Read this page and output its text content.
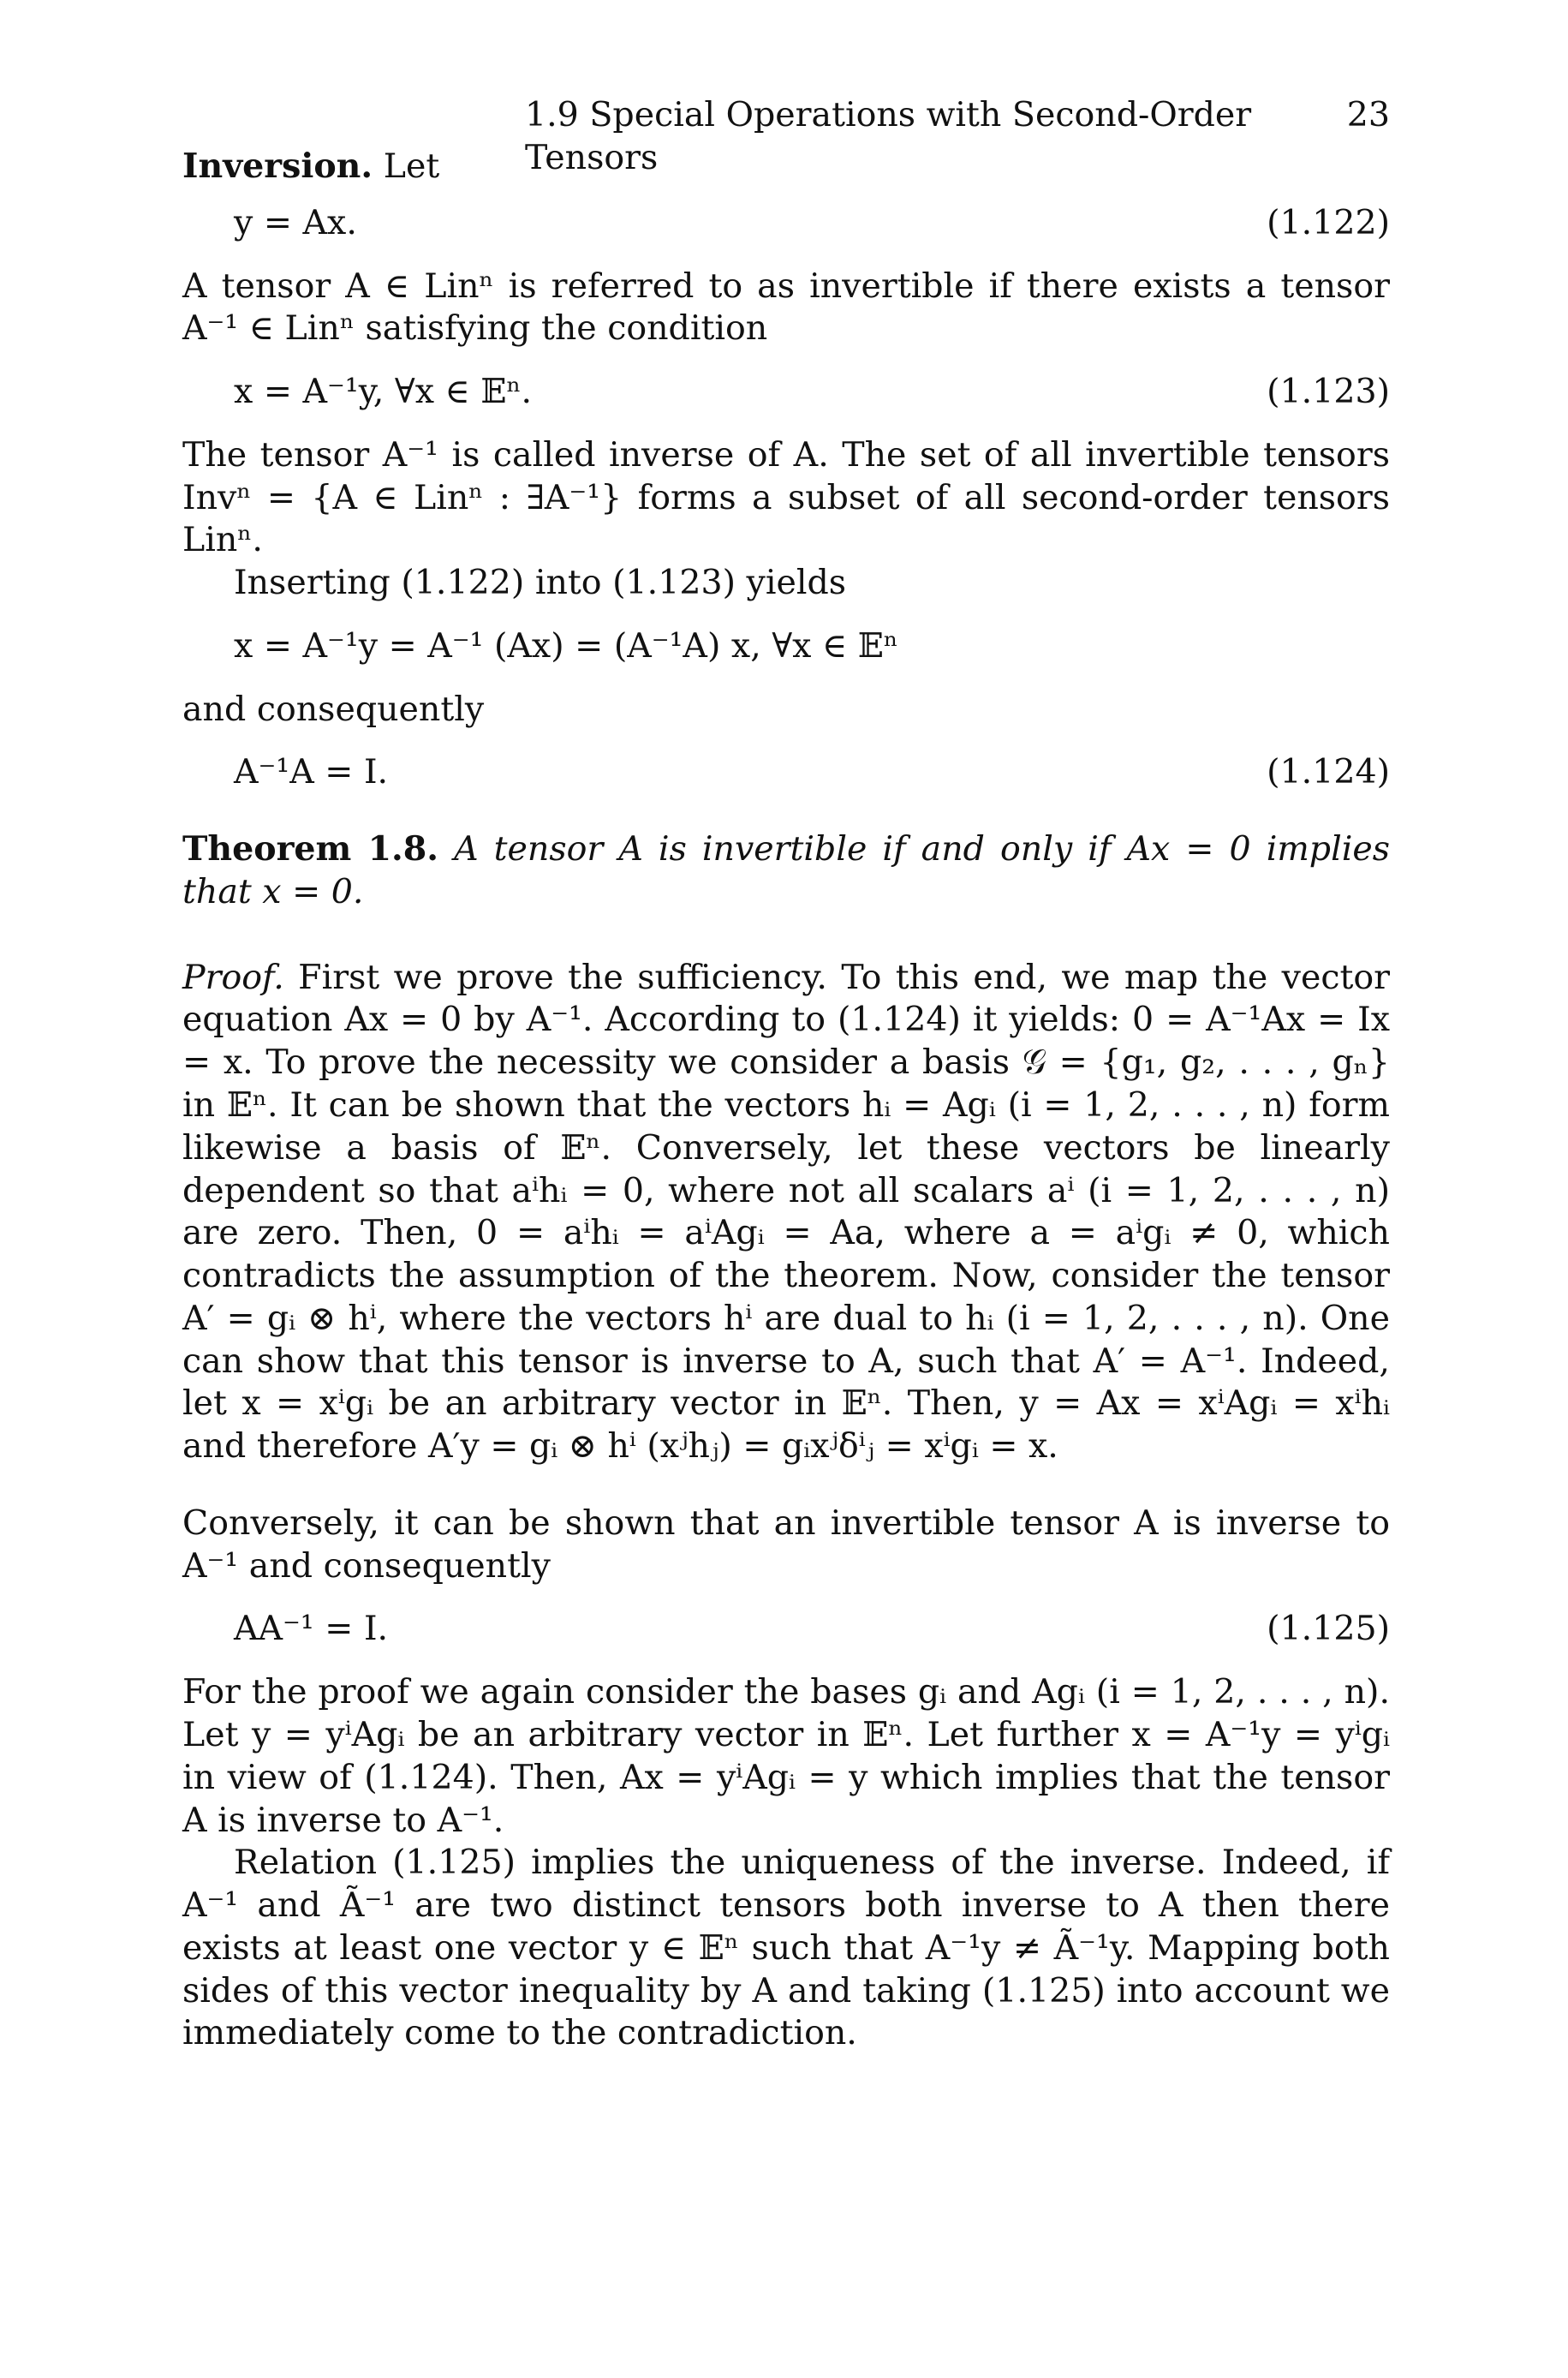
1.9 Special Operations with Second-Order Tensors
23

Inversion. Let

y = Ax.	(1.122)

A tensor A ∈ Linⁿ is referred to as invertible if there exists a tensor A⁻¹ ∈ Linⁿ satisfying the condition

x = A⁻¹y, ∀x ∈ 𝔼ⁿ.	(1.123)

The tensor A⁻¹ is called inverse of A. The set of all invertible tensors Invⁿ = {A ∈ Linⁿ : ∃A⁻¹} forms a subset of all second-order tensors Linⁿ.

Inserting (1.122) into (1.123) yields

x = A⁻¹y = A⁻¹ (Ax) = (A⁻¹A) x, ∀x ∈ 𝔼ⁿ

and consequently

A⁻¹A = I.	(1.124)

Theorem 1.8. A tensor A is invertible if and only if Ax = 0 implies that x = 0.

Proof. First we prove the sufficiency. To this end, we map the vector equation Ax = 0 by A⁻¹. According to (1.124) it yields: 0 = A⁻¹Ax = Ix = x. To prove the necessity we consider a basis 𝒢 = {g₁, g₂, . . . , gₙ} in 𝔼ⁿ. It can be shown that the vectors hᵢ = Agᵢ (i = 1, 2, . . . , n) form likewise a basis of 𝔼ⁿ. Conversely, let these vectors be linearly dependent so that aⁱhᵢ = 0, where not all scalars aⁱ (i = 1, 2, . . . , n) are zero. Then, 0 = aⁱhᵢ = aⁱAgᵢ = Aa, where a = aⁱgᵢ ≠ 0, which contradicts the assumption of the theorem. Now, consider the tensor A′ = gᵢ ⊗ hⁱ, where the vectors hⁱ are dual to hᵢ (i = 1, 2, . . . , n). One can show that this tensor is inverse to A, such that A′ = A⁻¹. Indeed, let x = xⁱgᵢ be an arbitrary vector in 𝔼ⁿ. Then, y = Ax = xⁱAgᵢ = xⁱhᵢ and therefore A′y = gᵢ ⊗ hⁱ (xʲhⱼ) = gᵢxʲδⁱⱼ = xⁱgᵢ = x.

Conversely, it can be shown that an invertible tensor A is inverse to A⁻¹ and consequently

AA⁻¹ = I.	(1.125)

For the proof we again consider the bases gᵢ and Agᵢ (i = 1, 2, . . . , n). Let y = yⁱAgᵢ be an arbitrary vector in 𝔼ⁿ. Let further x = A⁻¹y = yⁱgᵢ in view of (1.124). Then, Ax = yⁱAgᵢ = y which implies that the tensor A is inverse to A⁻¹.

Relation (1.125) implies the uniqueness of the inverse. Indeed, if A⁻¹ and Ã⁻¹ are two distinct tensors both inverse to A then there exists at least one vector y ∈ 𝔼ⁿ such that A⁻¹y ≠ Ã⁻¹y. Mapping both sides of this vector inequality by A and taking (1.125) into account we immediately come to the contradiction.
